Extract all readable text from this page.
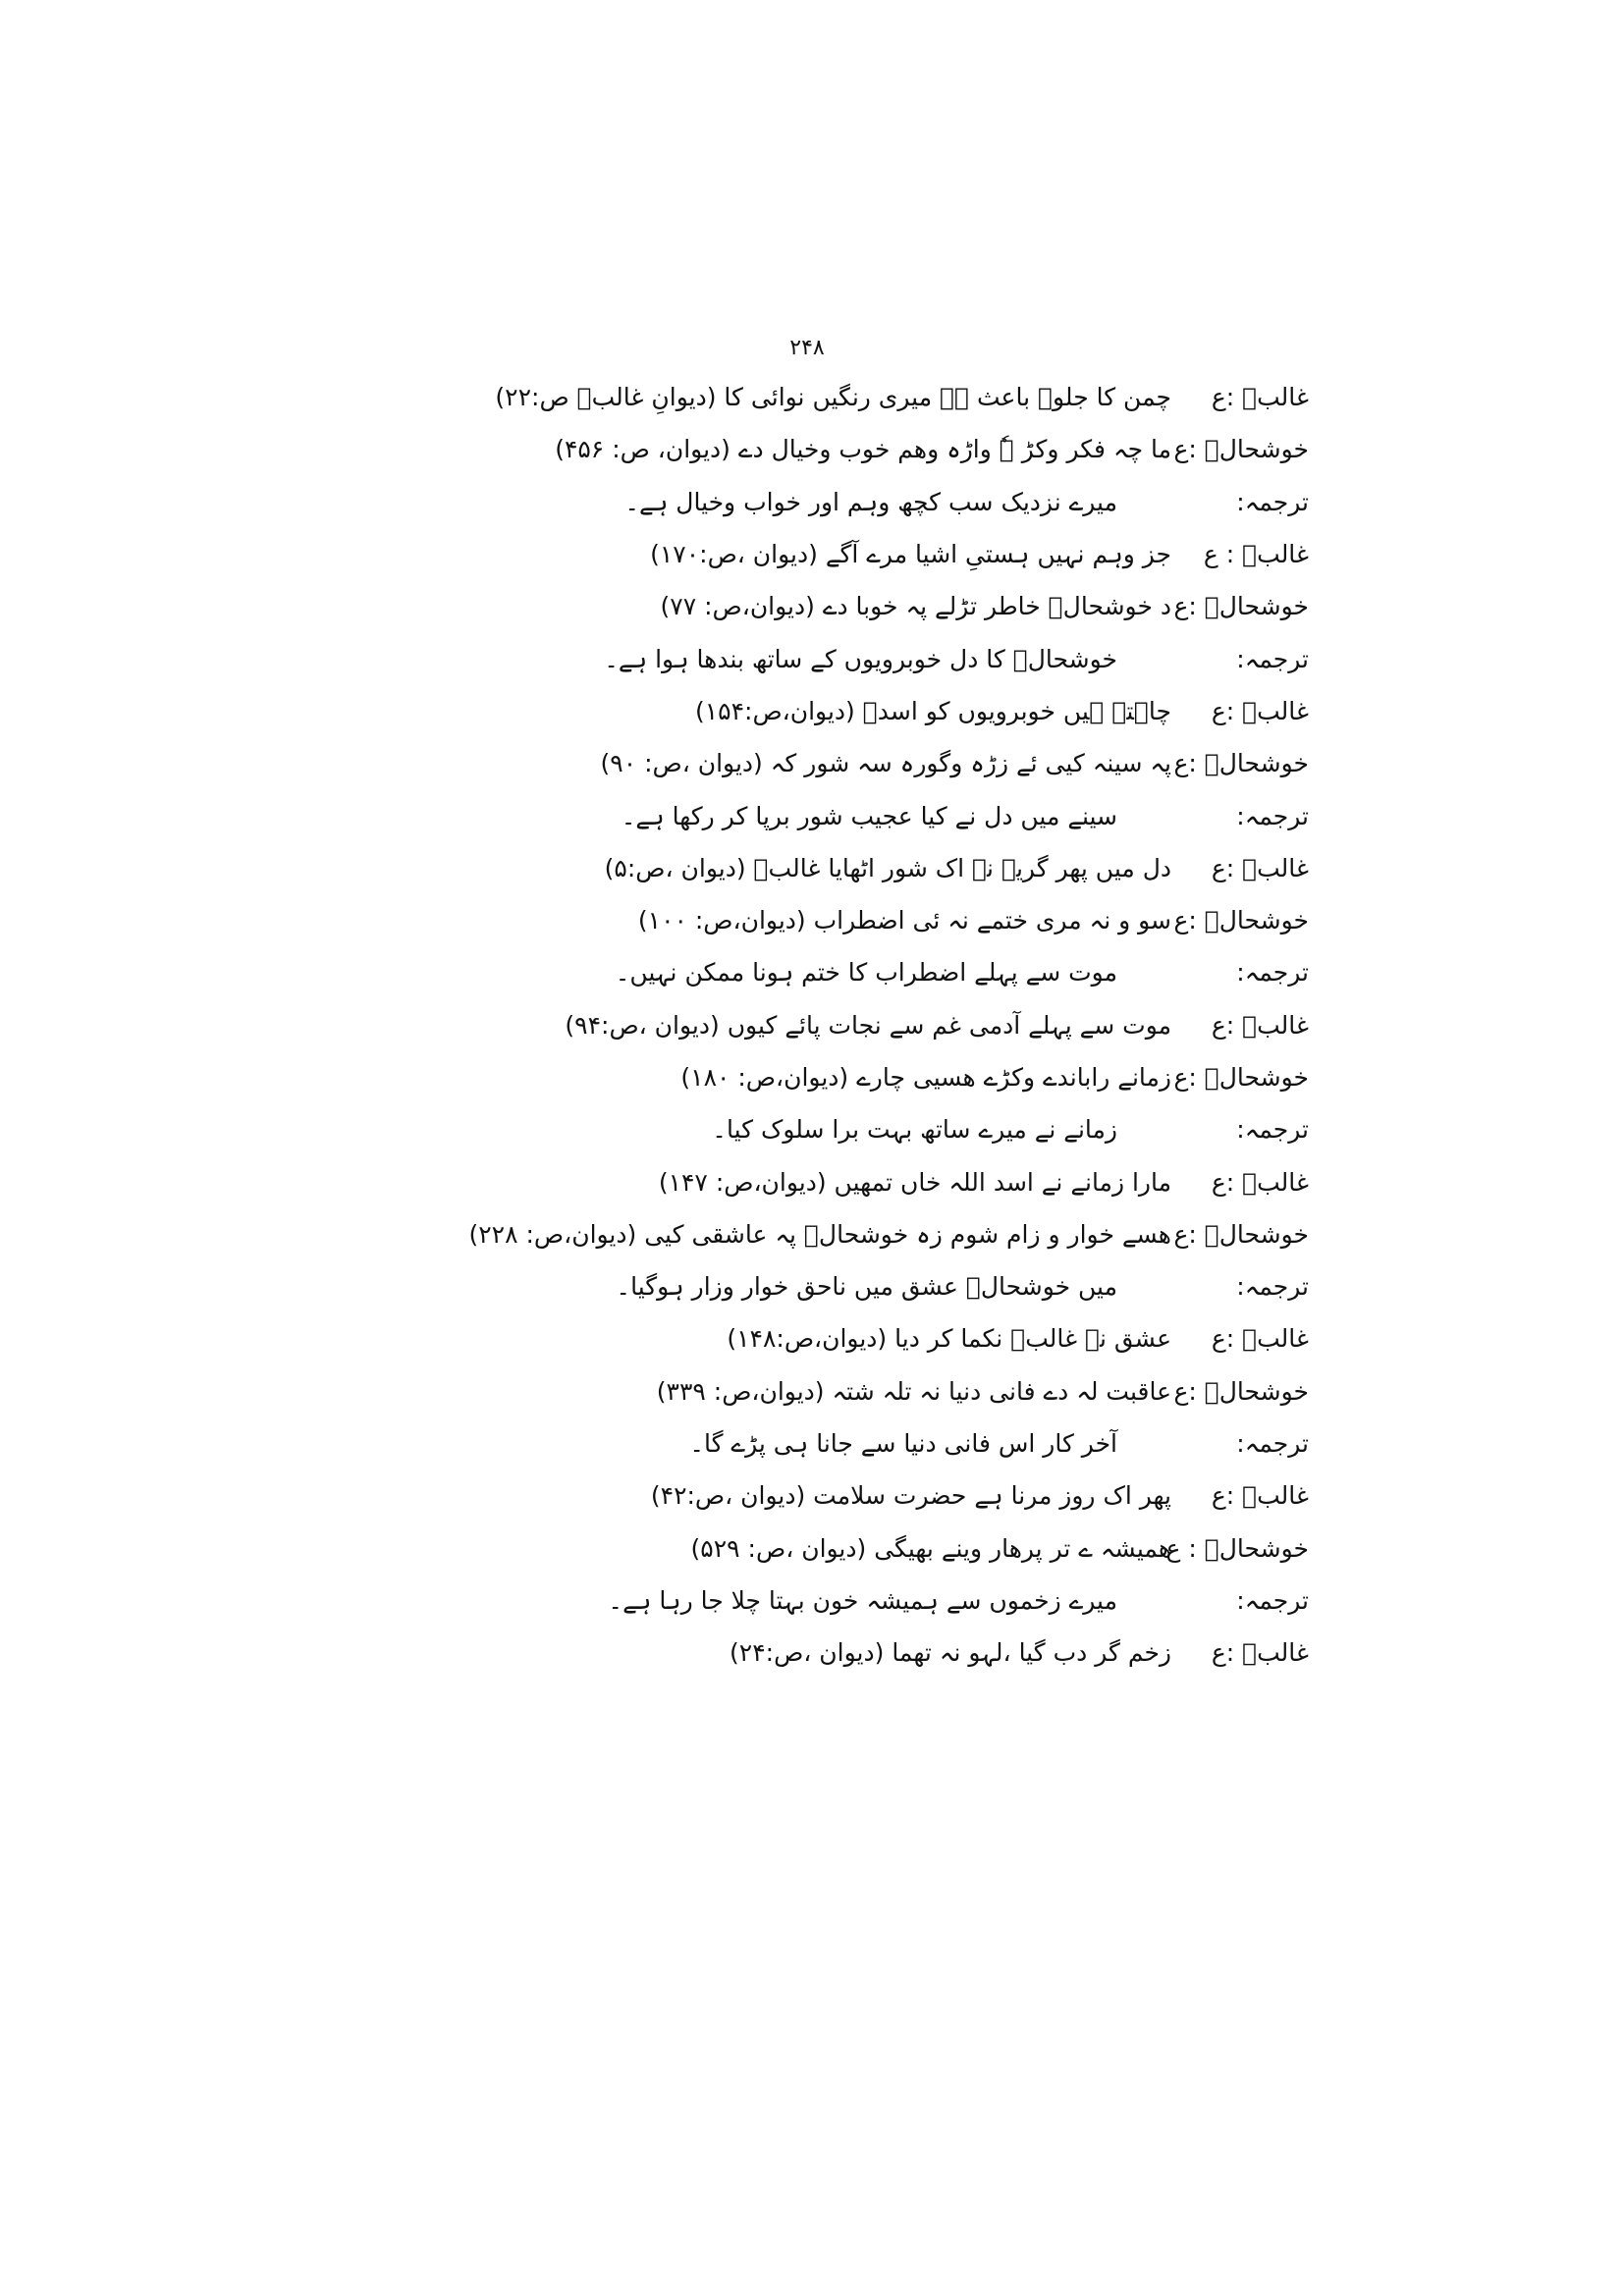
۲۴۸
غالبؔ :ع
چمن کا جلوہ باعث ہے میری رنگیں نوائی کا (دیوانِ غالبؔ ص:۲۲)
خوشحالؔ :ع
ما چہ فکر وکڑ ہٗ واڑہ وھم خوب وخیال دے (دیوان، ص: ۴۵۶)
ترجمہ:
میرے نزدیک سب کچھ وہم اور خواب وخیال ہے۔
غالبؔ : ع
جز وہم نہیں ہستیِ اشیا مرے آگے (دیوان ،ص:۱۷۰)
خوشحالؔ :ع
د خوشحالؔ خاطر تڑلے پہ خوبا دے (دیوان،ص: ۷۷)
ترجمہ:
خوشحالؔ کا دل خوبرویوں کے ساتھ بندھا ہوا ہے۔
غالبؔ :ع
چاہتے ہیں خوبرویوں کو اسدؔ (دیوان،ص:۱۵۴)
خوشحالؔ :ع
پہ سینہ کیی ئے زڑہ وگورہ سہ شور کہ (دیوان ،ص: ۹۰)
ترجمہ:
سینے میں دل نے کیا عجیب شور برپا کر رکھا ہے۔
غالبؔ :ع
دل میں پھر گریے نے اک شور اٹھایا غالبؔ (دیوان ،ص:۵)
خوشحالؔ :ع
سو و نہ مری ختمے نہ ئی اضطراب (دیوان،ص: ۱۰۰)
ترجمہ:
موت سے پہلے اضطراب کا ختم ہونا ممکن نہیں۔
غالبؔ :ع
موت سے پہلے آدمی غم سے نجات پائے کیوں (دیوان ،ص:۹۴)
خوشحالؔ :ع
زمانے راباندے وکڑے ھسیی چارے (دیوان،ص: ۱۸۰)
ترجمہ:
زمانے نے میرے ساتھ بہت برا سلوک کیا۔
غالبؔ :ع
مارا زمانے نے اسد اللہ خاں تمھیں (دیوان،ص: ۱۴۷)
خوشحالؔ :ع
ھسے خوار و زام شوم زہ خوشحالؔ پہ عاشقی کیی (دیوان،ص: ۲۲۸)
ترجمہ:
میں خوشحالؔ عشق میں ناحق خوار وزار ہوگیا۔
غالبؔ :ع
عشق نے غالبؔ نکما کر دیا (دیوان،ص:۱۴۸)
خوشحالؔ :ع
عاقبت لہ دے فانی دنیا نہ تلہ شتہ (دیوان،ص: ۳۳۹)
ترجمہ:
آخر کار اس فانی دنیا سے جانا ہی پڑے گا۔
غالبؔ :ع
پھر اک روز مرنا ہے حضرت سلامت (دیوان ،ص:۴۲)
خوشحالؔ : ع
ھمیشہ ے تر پرھار وینے بھیگی (دیوان ،ص: ۵۲۹)
ترجمہ:
میرے زخموں سے ہمیشہ خون بہتا چلا جا رہا ہے۔
غالبؔ :ع
زخم گر دب گیا ،لہو نہ تھما (دیوان ،ص:۲۴)
